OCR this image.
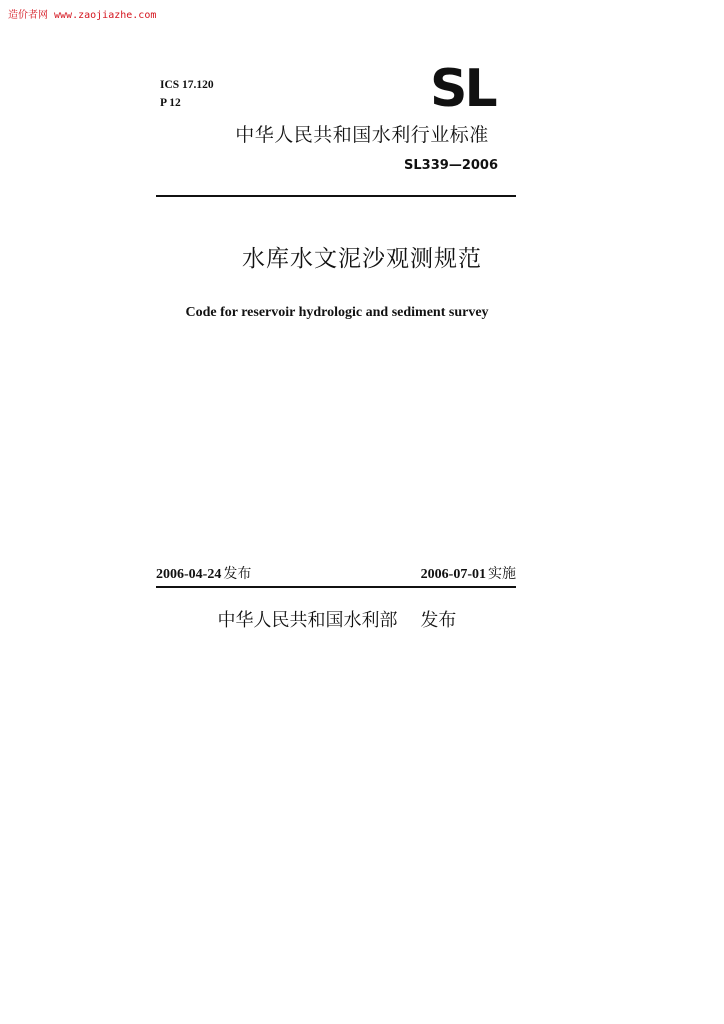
造价者网 www.zaojiazhe.com
ICS 17.120
P 12	SL
中华人民共和国水利行业标准
SL339—2006
水库水文泥沙观测规范
Code for reservoir hydrologic and sediment survey
2006-04-24 发布	2006-07-01 实施
中华人民共和国水利部    发布
